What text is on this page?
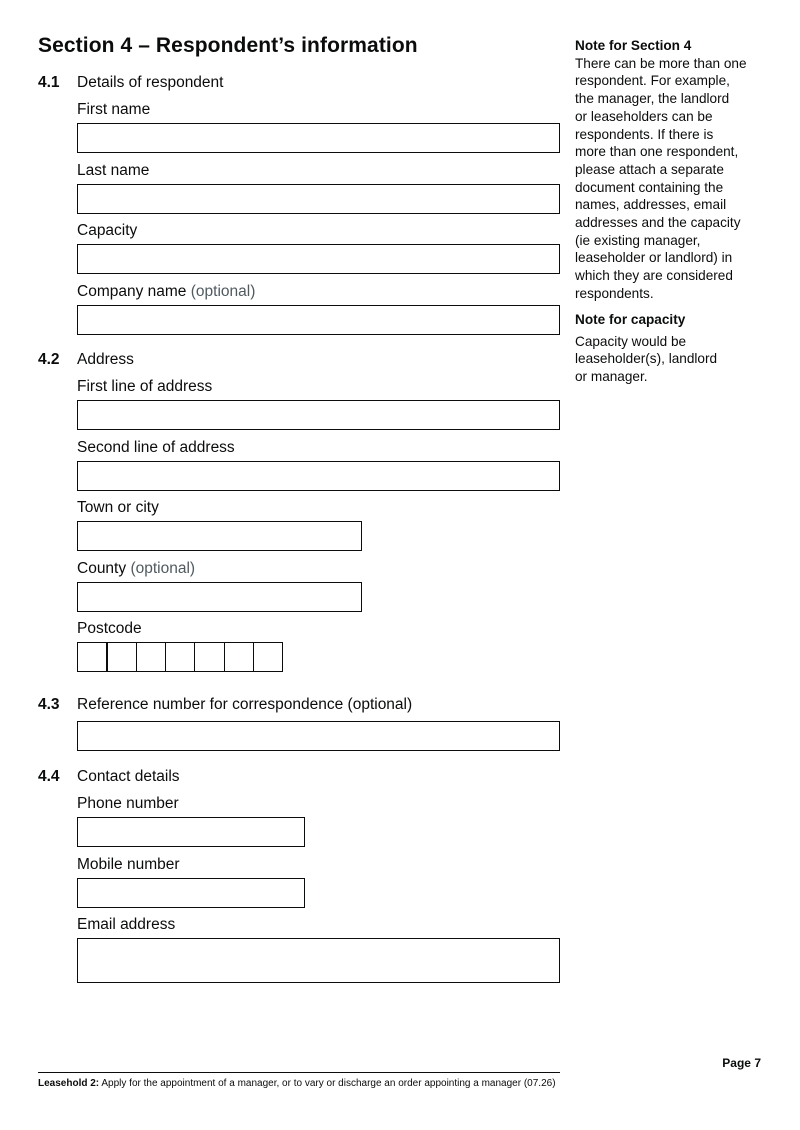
Section 4 – Respondent’s information
4.1 Details of respondent
First name
Last name
Capacity
Company name (optional)
4.2 Address
First line of address
Second line of address
Town or city
County (optional)
Postcode
4.3 Reference number for correspondence (optional)
4.4 Contact details
Phone number
Mobile number
Email address
Note for Section 4
There can be more than one
respondent. For example,
the manager, the landlord
or leaseholders can be
respondents. If there is
more than one respondent,
please attach a separate
document containing the
names, addresses, email
addresses and the capacity
(ie existing manager,
leaseholder or landlord) in
which they are considered
respondents.
Note for capacity
Capacity would be
leaseholder(s), landlord
or manager.
Page 7
Leasehold 2: Apply for the appointment of a manager, or to vary or discharge an order appointing a manager (07.26)
